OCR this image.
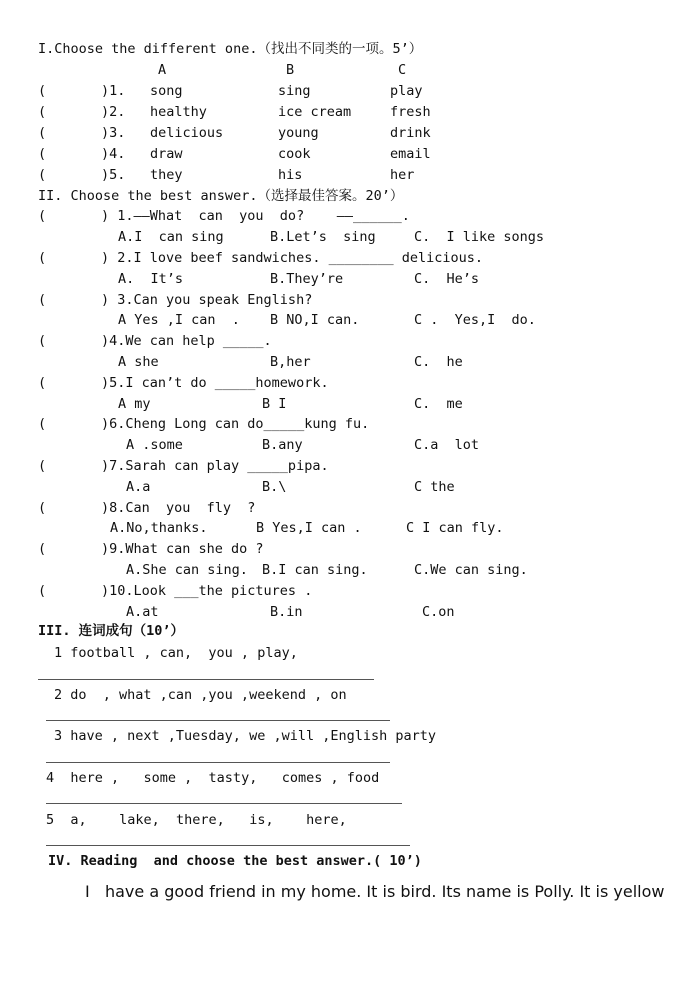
I.Choose the different one.（找出不同类的一项。5’）
A	B	C
(	)1. song	sing	play
(	)2. healthy	ice cream	fresh
(	)3. delicious	young	drink
(	)4. draw	cook	email
(	)5. they	his	her
II. Choose the best answer.（选择最佳答案。20’）
(	) 1.——What  can  you  do?    ——______.
A.I  can sing	B.Let’s  sing	C.  I like songs
(	) 2.I love beef sandwiches. ________ delicious.
A.  It’s	B.They’re	C.  He’s
(	) 3.Can you speak English?
A Yes ,I can  . B NO,I can.	C .  Yes,I  do.
(	)4.We can help _____.
A she	B,her	C.  he
(	)5.I can’t do _____homework.
A my	B I	C.  me
(	)6.Cheng Long can do_____kung fu.
A .some	B.any	C.a  lot
(	)7.Sarah can play _____pipa.
A.a	B.\	C the
(	)8.Can  you  fly  ?
A.No,thanks.	B Yes,I can .	C I can fly.
(	)9.What can she do ?
A.She can sing. B.I can sing.	C.We can sing.
(	)10.Look ___the pictures .
A.at	B.in	C.on
III. 连词成句（10’）
1 football , can,  you , play,
2 do  , what ,can ,you ,weekend , on
3 have , next ,Tuesday, we ,will ,English party
4  here ,   some ,  tasty,   comes , food
5  a,    lake,  there,   is,    here,
IV. Reading  and choose the best answer.( 10’)
I   have a good friend in my home. It is bird. Its name is Polly. It is yellow
